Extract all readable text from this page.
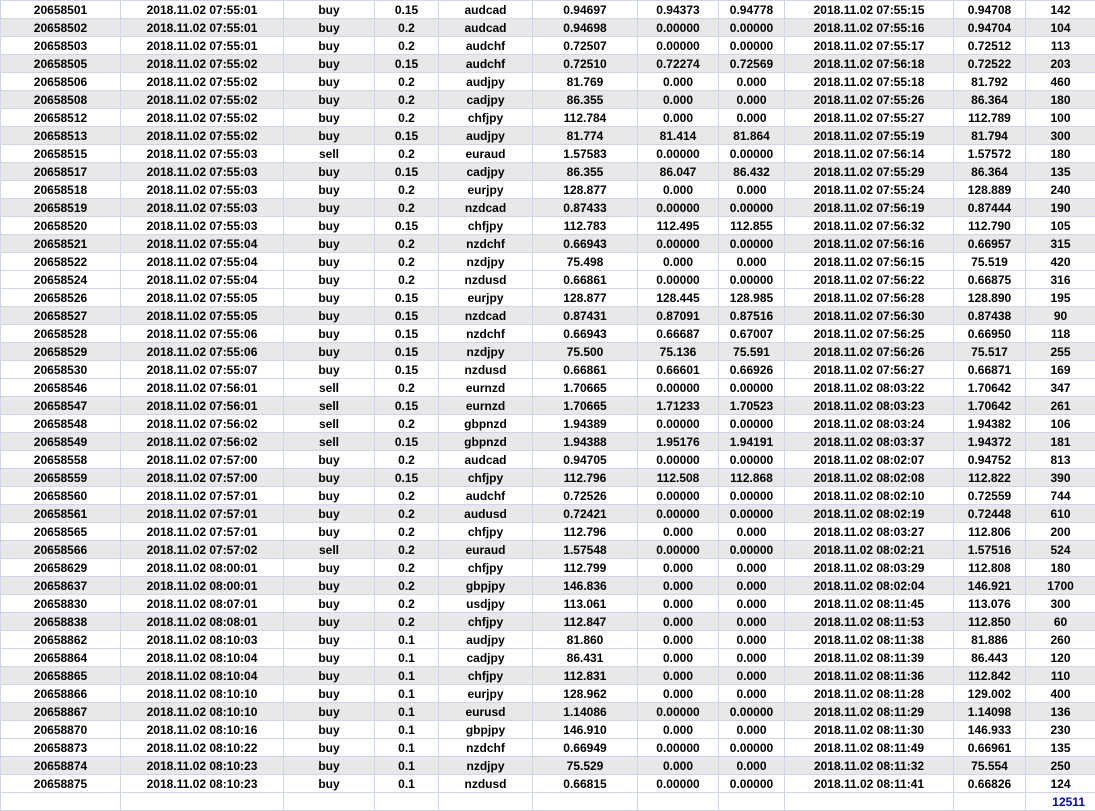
20658501	2018.11.02 07:55:01	buy	0.15	audcad	0.94697	0.94373	0.94778	2018.11.02 07:55:15	0.94708	142
20658502	2018.11.02 07:55:01	buy	0.2	audcad	0.94698	0.00000	0.00000	2018.11.02 07:55:16	0.94704	104
20658503	2018.11.02 07:55:01	buy	0.2	audchf	0.72507	0.00000	0.00000	2018.11.02 07:55:17	0.72512	113
20658505	2018.11.02 07:55:02	buy	0.15	audchf	0.72510	0.72274	0.72569	2018.11.02 07:56:18	0.72522	203
20658506	2018.11.02 07:55:02	buy	0.2	audjpy	81.769	0.000	0.000	2018.11.02 07:55:18	81.792	460
20658508	2018.11.02 07:55:02	buy	0.2	cadjpy	86.355	0.000	0.000	2018.11.02 07:55:26	86.364	180
20658512	2018.11.02 07:55:02	buy	0.2	chfjpy	112.784	0.000	0.000	2018.11.02 07:55:27	112.789	100
20658513	2018.11.02 07:55:02	buy	0.15	audjpy	81.774	81.414	81.864	2018.11.02 07:55:19	81.794	300
20658515	2018.11.02 07:55:03	sell	0.2	euraud	1.57583	0.00000	0.00000	2018.11.02 07:56:14	1.57572	180
20658517	2018.11.02 07:55:03	buy	0.15	cadjpy	86.355	86.047	86.432	2018.11.02 07:55:29	86.364	135
20658518	2018.11.02 07:55:03	buy	0.2	eurjpy	128.877	0.000	0.000	2018.11.02 07:55:24	128.889	240
20658519	2018.11.02 07:55:03	buy	0.2	nzdcad	0.87433	0.00000	0.00000	2018.11.02 07:56:19	0.87444	190
20658520	2018.11.02 07:55:03	buy	0.15	chfjpy	112.783	112.495	112.855	2018.11.02 07:56:32	112.790	105
20658521	2018.11.02 07:55:04	buy	0.2	nzdchf	0.66943	0.00000	0.00000	2018.11.02 07:56:16	0.66957	315
20658522	2018.11.02 07:55:04	buy	0.2	nzdjpy	75.498	0.000	0.000	2018.11.02 07:56:15	75.519	420
20658524	2018.11.02 07:55:04	buy	0.2	nzdusd	0.66861	0.00000	0.00000	2018.11.02 07:56:22	0.66875	316
20658526	2018.11.02 07:55:05	buy	0.15	eurjpy	128.877	128.445	128.985	2018.11.02 07:56:28	128.890	195
20658527	2018.11.02 07:55:05	buy	0.15	nzdcad	0.87431	0.87091	0.87516	2018.11.02 07:56:30	0.87438	90
20658528	2018.11.02 07:55:06	buy	0.15	nzdchf	0.66943	0.66687	0.67007	2018.11.02 07:56:25	0.66950	118
20658529	2018.11.02 07:55:06	buy	0.15	nzdjpy	75.500	75.136	75.591	2018.11.02 07:56:26	75.517	255
20658530	2018.11.02 07:55:07	buy	0.15	nzdusd	0.66861	0.66601	0.66926	2018.11.02 07:56:27	0.66871	169
20658546	2018.11.02 07:56:01	sell	0.2	eurnzd	1.70665	0.00000	0.00000	2018.11.02 08:03:22	1.70642	347
20658547	2018.11.02 07:56:01	sell	0.15	eurnzd	1.70665	1.71233	1.70523	2018.11.02 08:03:23	1.70642	261
20658548	2018.11.02 07:56:02	sell	0.2	gbpnzd	1.94389	0.00000	0.00000	2018.11.02 08:03:24	1.94382	106
20658549	2018.11.02 07:56:02	sell	0.15	gbpnzd	1.94388	1.95176	1.94191	2018.11.02 08:03:37	1.94372	181
20658558	2018.11.02 07:57:00	buy	0.2	audcad	0.94705	0.00000	0.00000	2018.11.02 08:02:07	0.94752	813
20658559	2018.11.02 07:57:00	buy	0.15	chfjpy	112.796	112.508	112.868	2018.11.02 08:02:08	112.822	390
20658560	2018.11.02 07:57:01	buy	0.2	audchf	0.72526	0.00000	0.00000	2018.11.02 08:02:10	0.72559	744
20658561	2018.11.02 07:57:01	buy	0.2	audusd	0.72421	0.00000	0.00000	2018.11.02 08:02:19	0.72448	610
20658565	2018.11.02 07:57:01	buy	0.2	chfjpy	112.796	0.000	0.000	2018.11.02 08:03:27	112.806	200
20658566	2018.11.02 07:57:02	sell	0.2	euraud	1.57548	0.00000	0.00000	2018.11.02 08:02:21	1.57516	524
20658629	2018.11.02 08:00:01	buy	0.2	chfjpy	112.799	0.000	0.000	2018.11.02 08:03:29	112.808	180
20658637	2018.11.02 08:00:01	buy	0.2	gbpjpy	146.836	0.000	0.000	2018.11.02 08:02:04	146.921	1700
20658830	2018.11.02 08:07:01	buy	0.2	usdjpy	113.061	0.000	0.000	2018.11.02 08:11:45	113.076	300
20658838	2018.11.02 08:08:01	buy	0.2	chfjpy	112.847	0.000	0.000	2018.11.02 08:11:53	112.850	60
20658862	2018.11.02 08:10:03	buy	0.1	audjpy	81.860	0.000	0.000	2018.11.02 08:11:38	81.886	260
20658864	2018.11.02 08:10:04	buy	0.1	cadjpy	86.431	0.000	0.000	2018.11.02 08:11:39	86.443	120
20658865	2018.11.02 08:10:04	buy	0.1	chfjpy	112.831	0.000	0.000	2018.11.02 08:11:36	112.842	110
20658866	2018.11.02 08:10:10	buy	0.1	eurjpy	128.962	0.000	0.000	2018.11.02 08:11:28	129.002	400
20658867	2018.11.02 08:10:10	buy	0.1	eurusd	1.14086	0.00000	0.00000	2018.11.02 08:11:29	1.14098	136
20658870	2018.11.02 08:10:16	buy	0.1	gbpjpy	146.910	0.000	0.000	2018.11.02 08:11:30	146.933	230
20658873	2018.11.02 08:10:22	buy	0.1	nzdchf	0.66949	0.00000	0.00000	2018.11.02 08:11:49	0.66961	135
20658874	2018.11.02 08:10:23	buy	0.1	nzdjpy	75.529	0.000	0.000	2018.11.02 08:11:32	75.554	250
20658875	2018.11.02 08:10:23	buy	0.1	nzdusd	0.66815	0.00000	0.00000	2018.11.02 08:11:41	0.66826	124
										12511
